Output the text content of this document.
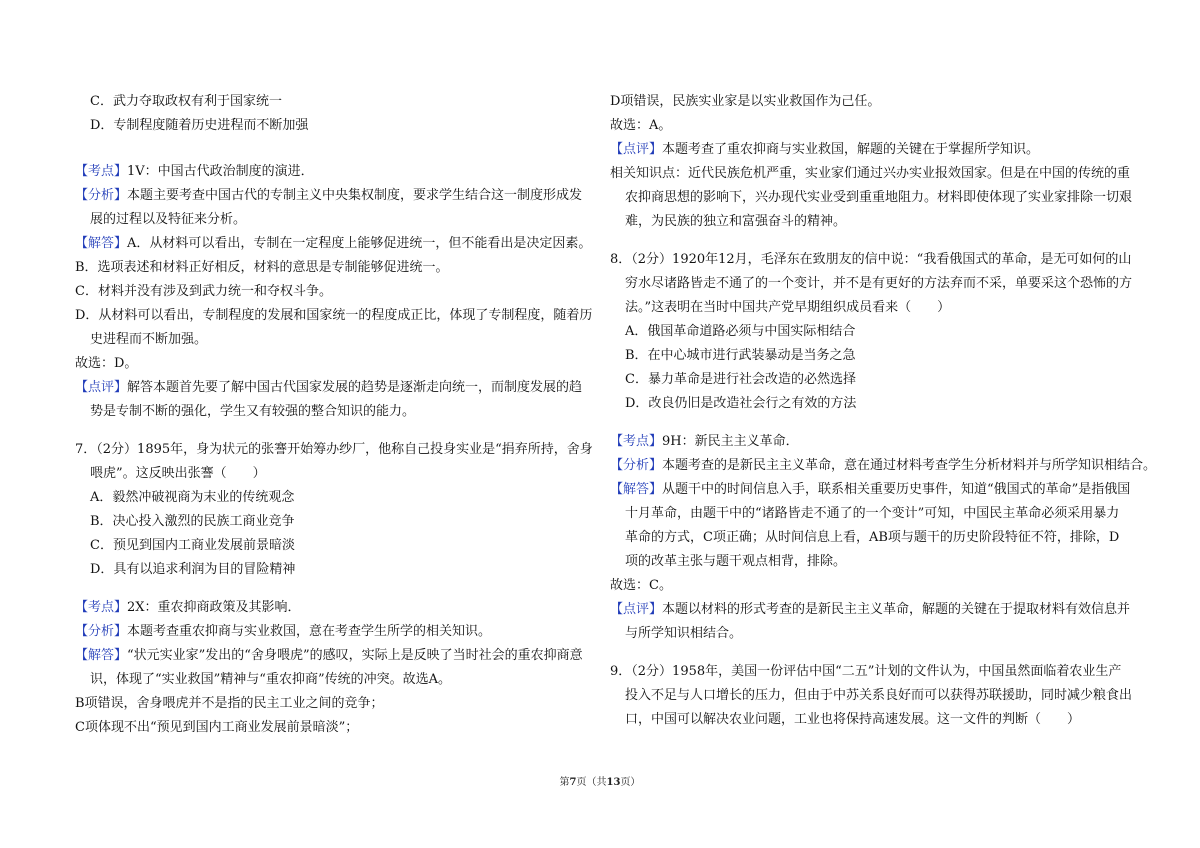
C．武力夺取政权有利于国家统一
D．专制程度随着历史进程而不断加强
【考点】1V：中国古代政治制度的演进．
【分析】本题主要考查中国古代的专制主义中央集权制度，要求学生结合这一制度形成发展的过程以及特征来分析。
【解答】A．从材料可以看出，专制在一定程度上能够促进统一，但不能看出是决定因素。
B．选项表述和材料正好相反，材料的意思是专制能够促进统一。
C．材料并没有涉及到武力统一和夺权斗争。
D．从材料可以看出，专制程度的发展和国家统一的程度成正比，体现了专制程度，随着历史进程而不断加强。
故选：D。
【点评】解答本题首先要了解中国古代国家发展的趋势是逐渐走向统一，而制度发展的趋势是专制不断的强化，学生又有较强的整合知识的能力。
7．（2分）1895年，身为状元的张謇开始筹办纱厂，他称自己投身实业是“捐弃所持，舍身喂虎”。这反映出张謇（　　）
A．毅然冲破视商为末业的传统观念
B．决心投入激烈的民族工商业竞争
C．预见到国内工商业发展前景暗淡
D．具有以追求利润为目的冒险精神
【考点】2X：重农抑商政策及其影响．
【分析】本题考查重农抑商与实业救国，意在考查学生所学的相关知识。
【解答】“状元实业家”发出的“舍身喂虎”的感叹，实际上是反映了当时社会的重农抑商意识，体现了“实业救国”精神与“重农抑商”传统的冲突。故选A。
B项错误，舍身喂虎并不是指的民主工业之间的竞争；
C项体现不出“预见到国内工商业发展前景暗淡”；
D项错误，民族实业家是以实业救国作为己任。
故选：A。
【点评】本题考查了重农抑商与实业救国，解题的关键在于掌握所学知识。
相关知识点：近代民族危机严重，实业家们通过兴办实业报效国家。但是在中国的传统的重农抑商思想的影响下，兴办现代实业受到重重地阻力。材料即使体现了实业家排除一切艰难，为民族的独立和富强奋斗的精神。
8．（2分）1920年12月，毛泽东在致朋友的信中说：“我看俄国式的革命，是无可如何的山穷水尽诸路皆走不通了的一个变计，并不是有更好的方法弃而不采，单要采这个恐怖的方法。”这表明在当时中国共产党早期组织成员看来（　　）
A．俄国革命道路必须与中国实际相结合
B．在中心城市进行武装暴动是当务之急
C．暴力革命是进行社会改造的必然选择
D．改良仍旧是改造社会行之有效的方法
【考点】9H：新民主主义革命．
【分析】本题考查的是新民主主义革命，意在通过材料考查学生分析材料并与所学知识相结合。
【解答】从题干中的时间信息入手，联系相关重要历史事件，知道“俄国式的革命”是指俄国十月革命，由题干中的“诸路皆走不通了的一个变计”可知，中国民主革命必须采用暴力革命的方式，C项正确；从时间信息上看，AB项与题干的历史阶段特征不符，排除，D项的改革主张与题干观点相背，排除。
故选：C。
【点评】本题以材料的形式考查的是新民主主义革命，解题的关键在于提取材料有效信息并与所学知识相结合。
9．（2分）1958年，美国一份评估中国“二五”计划的文件认为，中国虽然面临着农业生产投入不足与人口增长的压力，但由于中苏关系良好而可以获得苏联援助，同时减少粮食出口，中国可以解决农业问题，工业也将保持高速发展。这一文件的判断（　　）
第7页（共13页）
